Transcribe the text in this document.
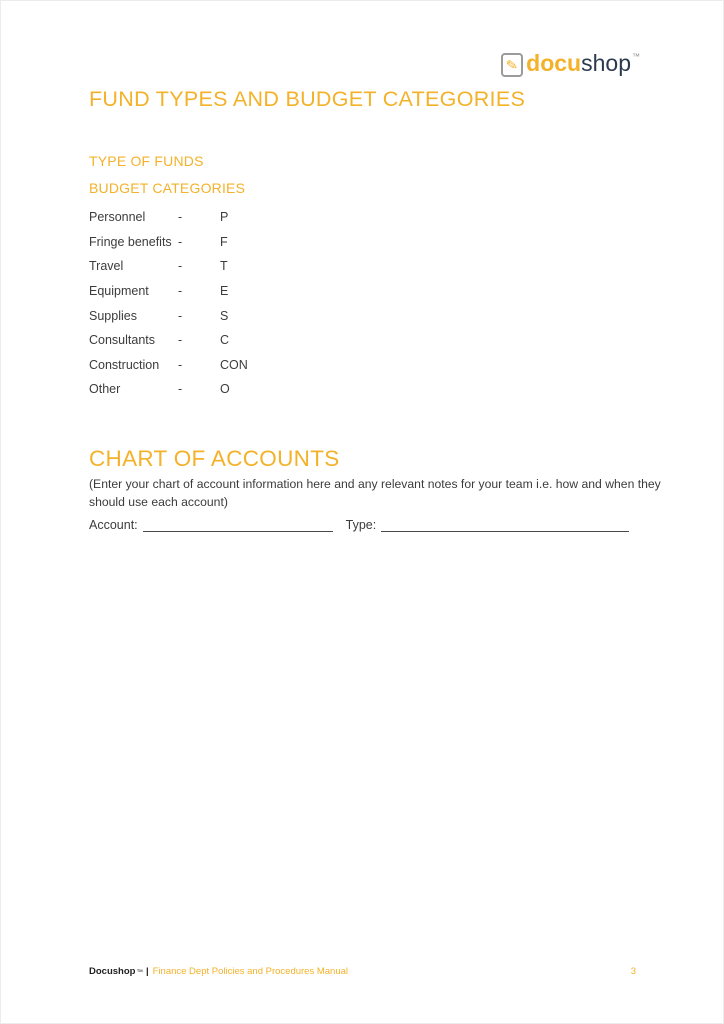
✎ docu shop ™
FUND TYPES AND BUDGET CATEGORIES
TYPE OF FUNDS
BUDGET CATEGORIES
Personnel	-	P
Fringe benefits -	F
Travel	-	T
Equipment	-	E
Supplies	-	S
Consultants	-	C
Construction	-	CON
Other	-	O
CHART OF ACCOUNTS

(Enter your chart of account information here and any relevant notes for your team i.e. how and when they should use each account)

Account:	Type:
Docushop ™ | Finance Dept Policies and Procedures Manual	3
